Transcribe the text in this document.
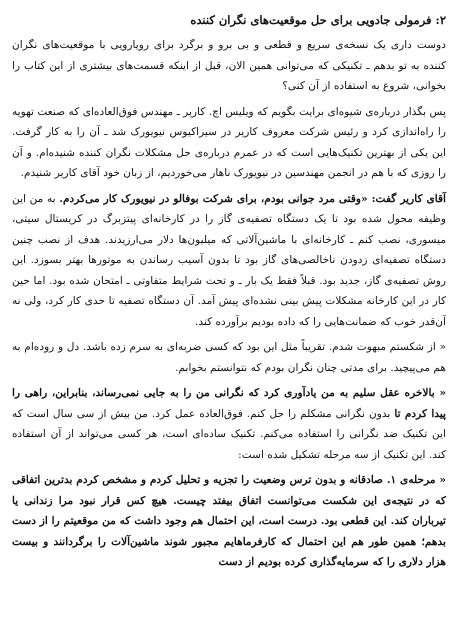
۲: فرمولی جادویی برای حل موقعیت‌های نگران کننده

دوست داری یک نسخه‌ی سریع و قطعی و بی برو و برگرد برای رویارویی با موقعیت‌های نگران کننده به تو بدهم ـ تکنیکی که می‌توانی همین الان، قبل از اینکه قسمت‌های بیشتری از این کتاب را بخوانی، شروع به استفاده از آن کنی؟

پس بگذار درباره‌ی شیوه‌ای برایت بگویم که ویلیس اچ. کاریر ـ مهندس فوق‌العاده‌ای که صنعت تهویه را راه‌اندازی کرد و رئیس شرکت معروف کاریر در سیراکیوس نیویورک شد ـ آن را به کار گرفت. این یکی از بهترین تکنیک‌هایی است که در عمرم درباره‌ی حل مشکلات نگران کننده شنیده‌ام. و آن را روزی که با هم در انجمن مهندسین در نیویورک ناهار می‌خوردیم، از زبان خود آقای کاریر شنیدم.

آقای کاریر گفت: «وقتی مرد جوانی بودم، برای شرکت بوفالو در نیویورک کار می‌کردم. به من این وظیفه محول شده بود تا یک دستگاه تصفیه‌ی گاز را در کارخانه‌ای پیتزبرگ در کریستال سیتی، میسوری، نصب کنم ـ کارخانه‌ای با ماشین‌آلاتی که میلیون‌ها دلار می‌ارزیدند. هدف از نصب چنین دستگاه تصفیه‌ای زدودن ناخالصی‌های گاز بود تا بدون آسیب رساندن به موتورها بهتر بسوزد. این روش تصفیه‌ی گاز، جدید بود. قبلاً فقط یک بار ـ و تحت شرایط متفاوتی ـ امتحان شده بود. اما حین کار در این کارخانه مشکلات پیش بینی نشده‌ای پیش آمد. آن دستگاه تصفیه تا حدی کار کرد، ولی نه آن‌قدر خوب که ضمانت‌هایی را که داده بودیم برآورده کند.

« از شکستم مبهوت شدم. تقریباً مثل این بود که کسی ضربه‌ای به سرم زده باشد. دل و روده‌ام به هم می‌پیچید. برای مدتی چنان نگران بودم که نتوانستم بخوابم.

« بالاخره عقل سلیم به من یادآوری کرد که نگرانی من را به جایی نمی‌رساند، بنابراین، راهی را پیدا کردم تا بدون نگرانی مشکلم را حل کنم. فوق‌العاده عمل کرد. من بیش از سی سال است که این تکنیک ضد نگرانی را استفاده می‌کنم. تکنیک ساده‌ای است، هر کسی می‌تواند از آن استفاده کند. این تکنیک از سه مرحله تشکیل شده است:

« مرحله‌ی ۱. صادقانه و بدون ترس وضعیت را تجزیه و تحلیل کردم و مشخص کردم بدترین اتفاقی که در نتیجه‌ی این شکست می‌توانست اتفاق بیفتد چیست. هیچ کس قرار نبود مرا زندانی یا تیرباران کند. این قطعی بود. درست است، این احتمال هم وجود داشت که من موقعیتم را از دست بدهم؛ همین طور هم این احتمال که کارفرماهایم مجبور شوند ماشین‌آلات را برگردانند و بیست هزار دلاری را که سرمایه‌گذاری کرده بودیم از دست
